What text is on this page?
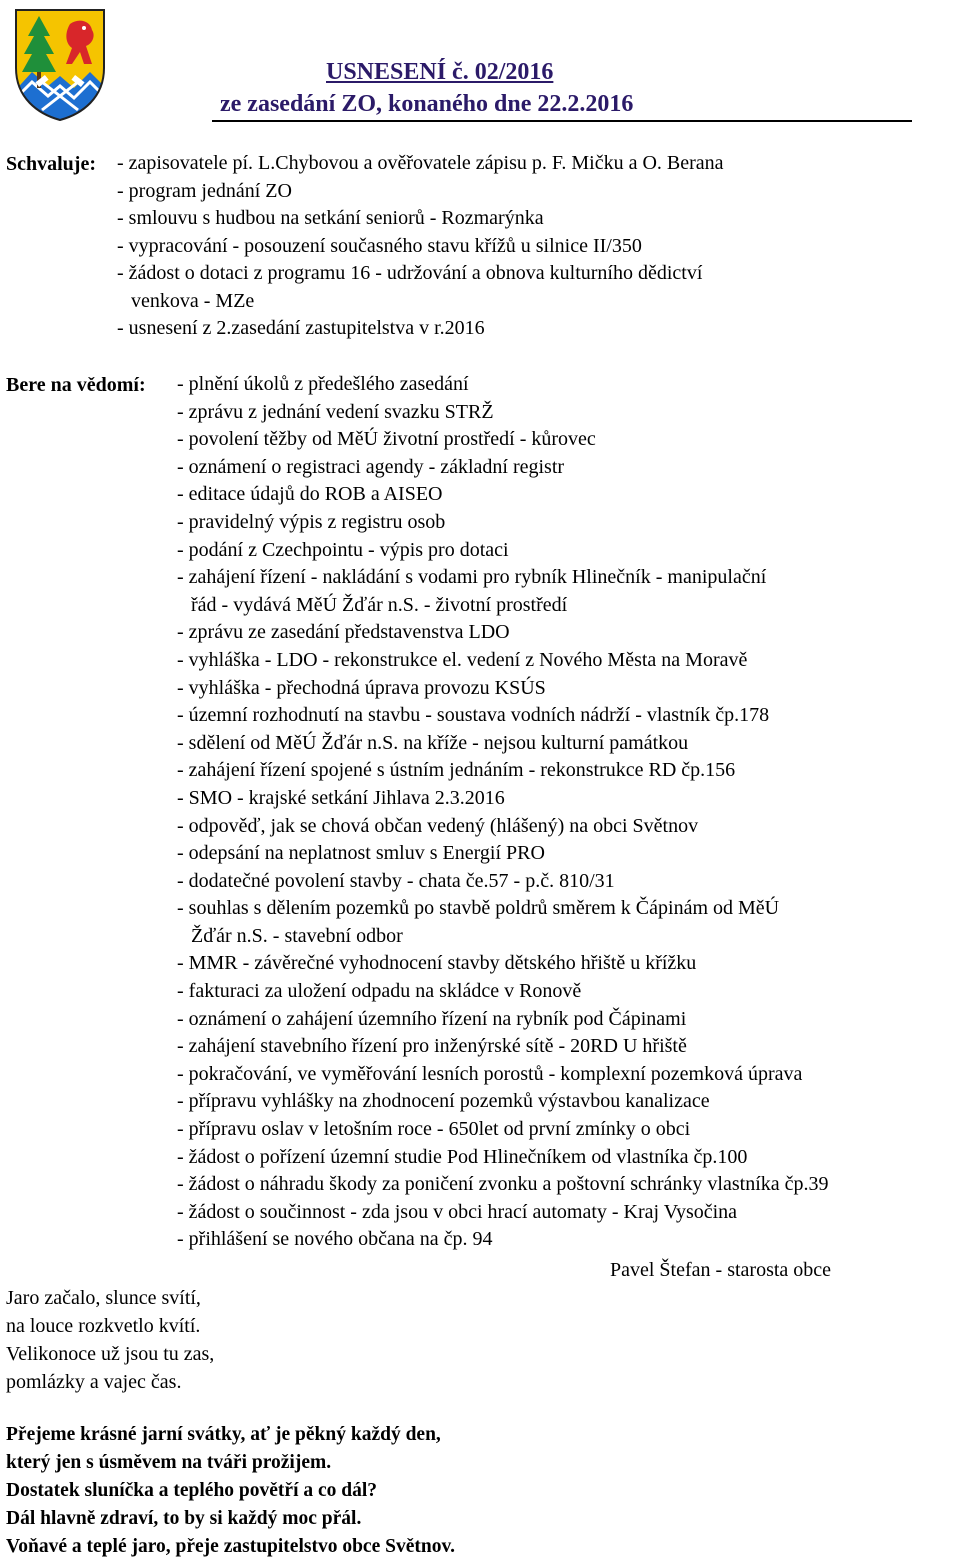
USNESENÍ č. 02/2016
ze zasedání ZO, konaného dne 22.2.2016
Schvaluje: - zapisovatele pí. L.Chybovou a ověřovatele zápisu p. F. Mičku a O. Berana
- program jednání ZO
- smlouvu s hudbou na setkání seniorů - Rozmarýnka
- vypracování - posouzení současného stavu křížů u silnice II/350
- žádost o dotaci z programu 16 - udržování a obnova kulturního dědictví
venkova - MZe
- usnesení z 2.zasedání zastupitelstva v r.2016
Bere na vědomí: - plnění úkolů z předešlého zasedání
- zprávu z jednání vedení svazku STRŽ
- povolení těžby od MěÚ životní prostředí - kůrovec
- oznámení o registraci agendy - základní registr
- editace údajů do ROB a AISEO
- pravidelný výpis z registru osob
- podání z Czechpointu - výpis pro dotaci
- zahájení řízení - nakládání s vodami pro rybník Hlinečník - manipulační
řád - vydává MěÚ Žďár n.S. - životní prostředí
- zprávu ze zasedání představenstva LDO
- vyhláška - LDO - rekonstrukce el. vedení z Nového Města na Moravě
- vyhláška - přechodná úprava provozu KSÚS
- územní rozhodnutí na stavbu - soustava vodních nádrží - vlastník čp.178
- sdělení od MěÚ Žďár n.S. na kříže - nejsou kulturní památkou
- zahájení řízení spojené s ústním jednáním - rekonstrukce RD čp.156
- SMO - krajské setkání Jihlava 2.3.2016
- odpověď, jak se chová občan vedený (hlášený) na obci Světnov
- odepsání na neplatnost smluv s Energií PRO
- dodatečné povolení stavby - chata če.57 - p.č. 810/31
- souhlas s dělením pozemků po stavbě poldrů směrem k Čápinám od MěÚ
Žďár n.S. - stavební odbor
- MMR - závěrečné vyhodnocení stavby dětského hřiště u křížku
- fakturaci za uložení odpadu na skládce v Ronově
- oznámení o zahájení územního řízení na rybník pod Čápinami
- zahájení stavebního řízení pro inženýrské sítě - 20RD U hřiště
- pokračování, ve vyměřování lesních porostů - komplexní pozemková úprava
- přípravu vyhlášky na zhodnocení pozemků výstavbou kanalizace
- přípravu oslav v letošním roce - 650let od první zmínky o obci
- žádost o pořízení územní studie Pod Hlinečníkem od vlastníka čp.100
- žádost o náhradu škody za poničení zvonku a poštovní schránky vlastníka čp.39
- žádost o součinnost - zda jsou v obci hrací automaty - Kraj Vysočina
- přihlášení se nového občana na čp. 94
Pavel Štefan - starosta obce
Jaro začalo, slunce svítí,
na louce rozkvetlo kvítí.
Velikonoce už jsou tu zas,
pomlázky a vajec čas.
Přejeme krásné jarní svátky, ať je pěkný každý den,
který jen s úsměvem na tváři prožijem.
Dostatek sluníčka a teplého povětří a co dál?
Dál hlavně zdraví, to by si každý moc přál.
Voňavé a teplé jaro, přeje zastupitelstvo obce Světnov.
